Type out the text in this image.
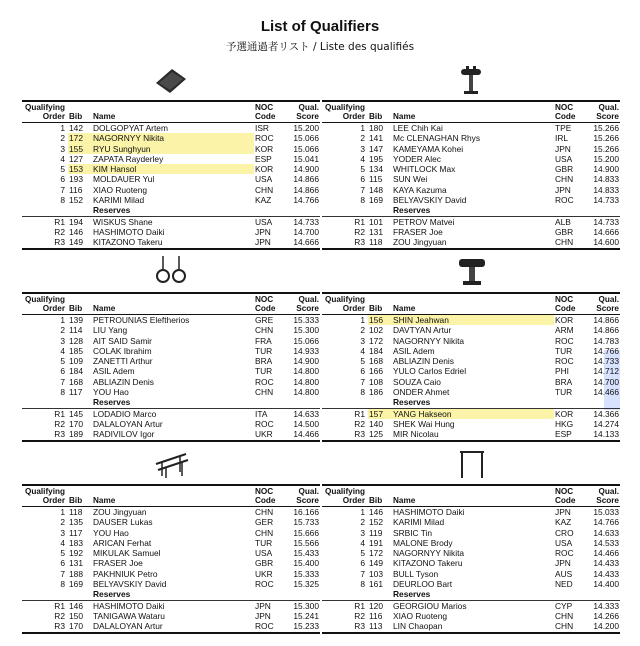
List of Qualifiers
予選通過者リスト / Liste des qualifiés
Qualifying
Order	Bib	Name	NOC
Code	Qual.
Score
1	142	DOLGOPYAT Artem	ISR	15.200
2	172	NAGORNYY Nikita	ROC	15.066
3	155	RYU Sunghyun	KOR	15.066
4	127	ZAPATA Rayderley	ESP	15.041
5	153	KIM Hansol	KOR	14.900
6	193	MOLDAUER Yul	USA	14.866
7	116	XIAO Ruoteng	CHN	14.866
8	152	KARIMI Milad	KAZ	14.766
		Reserves		
R1	194	WISKUS Shane	USA	14.733
R2	146	HASHIMOTO Daiki	JPN	14.700
R3	149	KITAZONO Takeru	JPN	14.666
Qualifying
Order	Bib	Name	NOC
Code	Qual.
Score
1	180	LEE Chih Kai	TPE	15.266
2	141	Mc CLENAGHAN Rhys	IRL	15.266
3	147	KAMEYAMA Kohei	JPN	15.266
4	195	YODER Alec	USA	15.200
5	134	WHITLOCK Max	GBR	14.900
6	115	SUN Wei	CHN	14.833
7	148	KAYA Kazuma	JPN	14.833
8	169	BELYAVSKIY David	ROC	14.733
		Reserves		
R1	101	PETROV Matvei	ALB	14.733
R2	131	FRASER Joe	GBR	14.666
R3	118	ZOU Jingyuan	CHN	14.600
Qualifying
Order	Bib	Name	NOC
Code	Qual.
Score
1	139	PETROUNIAS Eleftherios	GRE	15.333
2	114	LIU Yang	CHN	15.300
3	128	AIT SAID Samir	FRA	15.066
4	185	COLAK Ibrahim	TUR	14.933
5	109	ZANETTI Arthur	BRA	14.900
6	184	ASIL Adem	TUR	14.800
7	168	ABLIAZIN Denis	ROC	14.800
8	117	YOU Hao	CHN	14.800
		Reserves		
R1	145	LODADIO Marco	ITA	14.633
R2	170	DALALOYAN Artur	ROC	14.500
R3	189	RADIVILOV Igor	UKR	14.466
Qualifying
Order	Bib	Name	NOC
Code	Qual.
Score
1	156	SHIN Jeahwan	KOR	14.866
2	102	DAVTYAN Artur	ARM	14.866
3	172	NAGORNYY Nikita	ROC	14.783
4	184	ASIL Adem	TUR	14.766
5	168	ABLIAZIN Denis	ROC	14.733
6	166	YULO Carlos Edriel	PHI	14.712
7	108	SOUZA Caio	BRA	14.700
8	186	ONDER Ahmet	TUR	14.466
		Reserves		
R1	157	YANG Hakseon	KOR	14.366
R2	140	SHEK Wai Hung	HKG	14.274
R3	125	MIR Nicolau	ESP	14.133
Qualifying
Order	Bib	Name	NOC
Code	Qual.
Score
1	118	ZOU Jingyuan	CHN	16.166
2	135	DAUSER Lukas	GER	15.733
3	117	YOU Hao	CHN	15.666
4	183	ARICAN Ferhat	TUR	15.566
5	192	MIKULAK Samuel	USA	15.433
6	131	FRASER Joe	GBR	15.400
7	188	PAKHNIUK Petro	UKR	15.333
8	169	BELYAVSKIY David	ROC	15.325
		Reserves		
R1	146	HASHIMOTO Daiki	JPN	15.300
R2	150	TANIGAWA Wataru	JPN	15.241
R3	170	DALALOYAN Artur	ROC	15.233
Qualifying
Order	Bib	Name	NOC
Code	Qual.
Score
1	146	HASHIMOTO Daiki	JPN	15.033
2	152	KARIMI Milad	KAZ	14.766
3	119	SRBIC Tin	CRO	14.633
4	191	MALONE Brody	USA	14.533
5	172	NAGORNYY Nikita	ROC	14.466
6	149	KITAZONO Takeru	JPN	14.433
7	103	BULL Tyson	AUS	14.433
8	161	DEURLOO Bart	NED	14.400
		Reserves		
R1	120	GEORGIOU Marios	CYP	14.333
R2	116	XIAO Ruoteng	CHN	14.266
R3	113	LIN Chaopan	CHN	14.200
